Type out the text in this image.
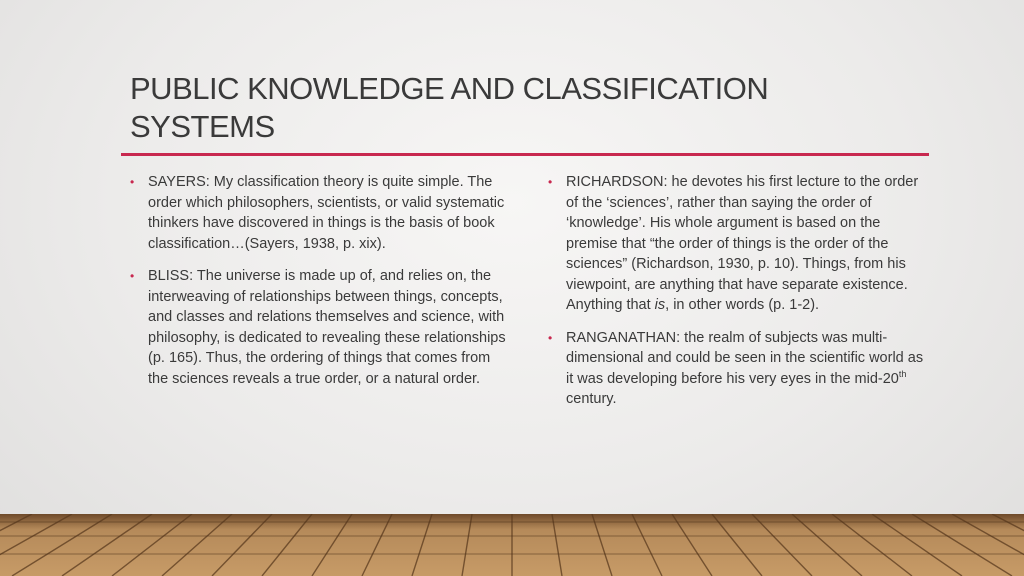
PUBLIC KNOWLEDGE AND CLASSIFICATION SYSTEMS
• SAYERS: My classification theory is quite simple. The order which philosophers, scientists, or valid systematic thinkers have discovered in things is the basis of book classification…(Sayers, 1938, p. xix).
• BLISS: The universe is made up of, and relies on, the interweaving of relationships between things, concepts, and classes and relations themselves and science, with philosophy, is dedicated to revealing these relationships (p. 165). Thus, the ordering of things that comes from the sciences reveals a true order, or a natural order.
• RICHARDSON: he devotes his first lecture to the order of the ‘sciences’, rather than saying the order of ‘knowledge’. His whole argument is based on the premise that “the order of things is the order of the sciences” (Richardson, 1930, p. 10). Things, from his viewpoint, are anything that have separate existence. Anything that is, in other words (p. 1-2).
• RANGANATHAN: the realm of subjects was multi-dimensional and could be seen in the scientific world as it was developing before his very eyes in the mid-20th century.
